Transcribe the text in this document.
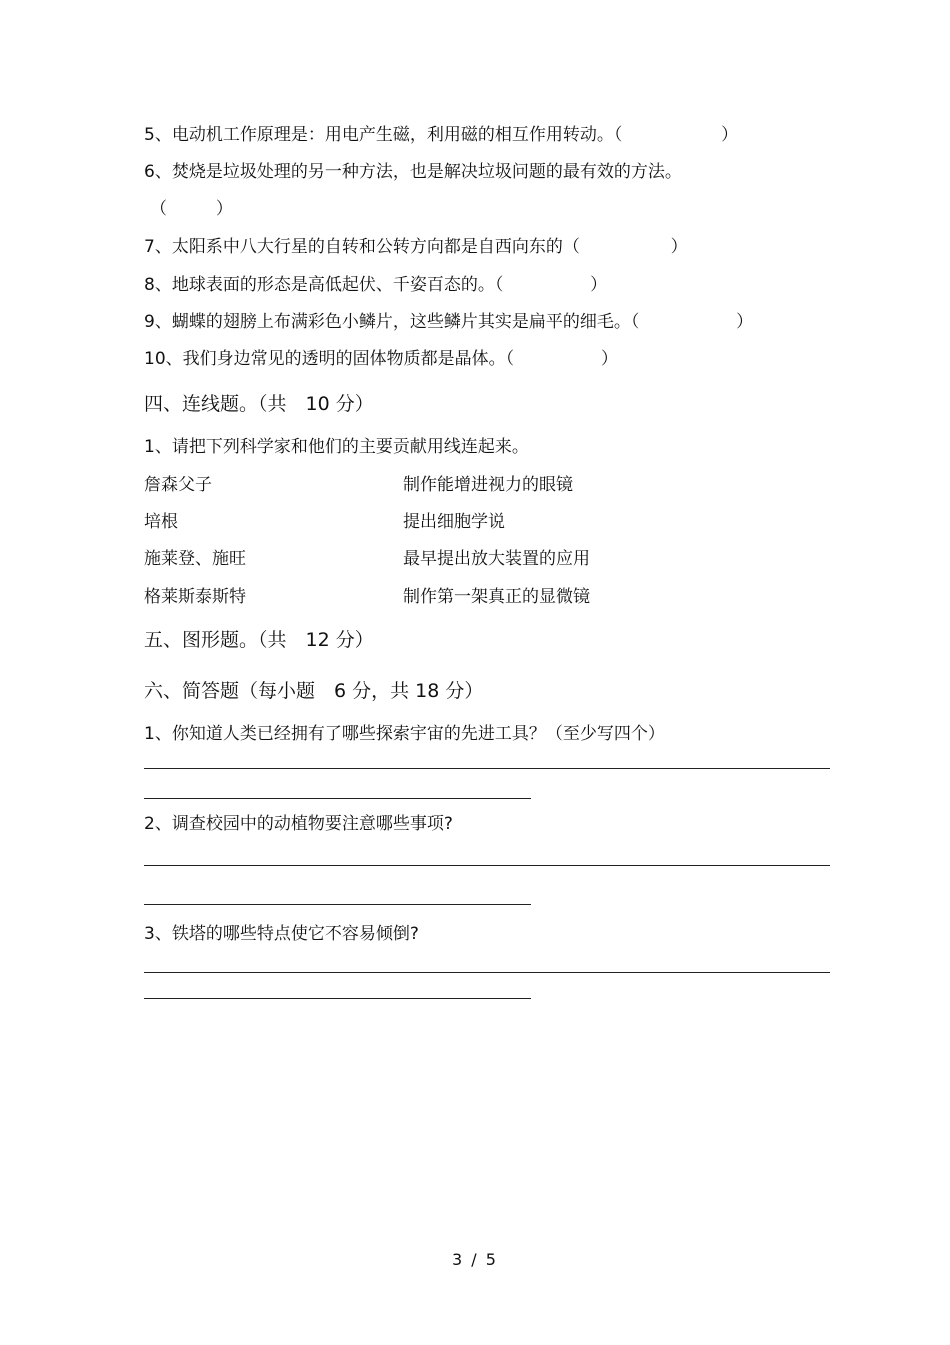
5、电动机工作原理是：用电产生磁，利用磁的相互作用转动。（	）
6、焚烧是垃圾处理的另一种方法，也是解决垃圾问题的最有效的方法。
（	）
7、太阳系中八大行星的自转和公转方向都是自西向东的（	）
8、地球表面的形态是高低起伏、千姿百态的。（	）
9、蝴蝶的翅膀上布满彩色小鳞片，这些鳞片其实是扁平的细毛。（	）
10、我们身边常见的透明的固体物质都是晶体。（	）
四、连线题。（共　10 分）
1、请把下列科学家和他们的主要贡献用线连起来。
詹森父子	制作能增进视力的眼镜
培根	提出细胞学说
施莱登、施旺	最早提出放大装置的应用
格莱斯泰斯特	制作第一架真正的显微镜
五、图形题。（共　12 分）
六、简答题（每小题　6 分，共 18 分）
1、你知道人类已经拥有了哪些探索宇宙的先进工具？（至少写四个）
2、调查校园中的动植物要注意哪些事项?
3、铁塔的哪些特点使它不容易倾倒?
3 / 5
